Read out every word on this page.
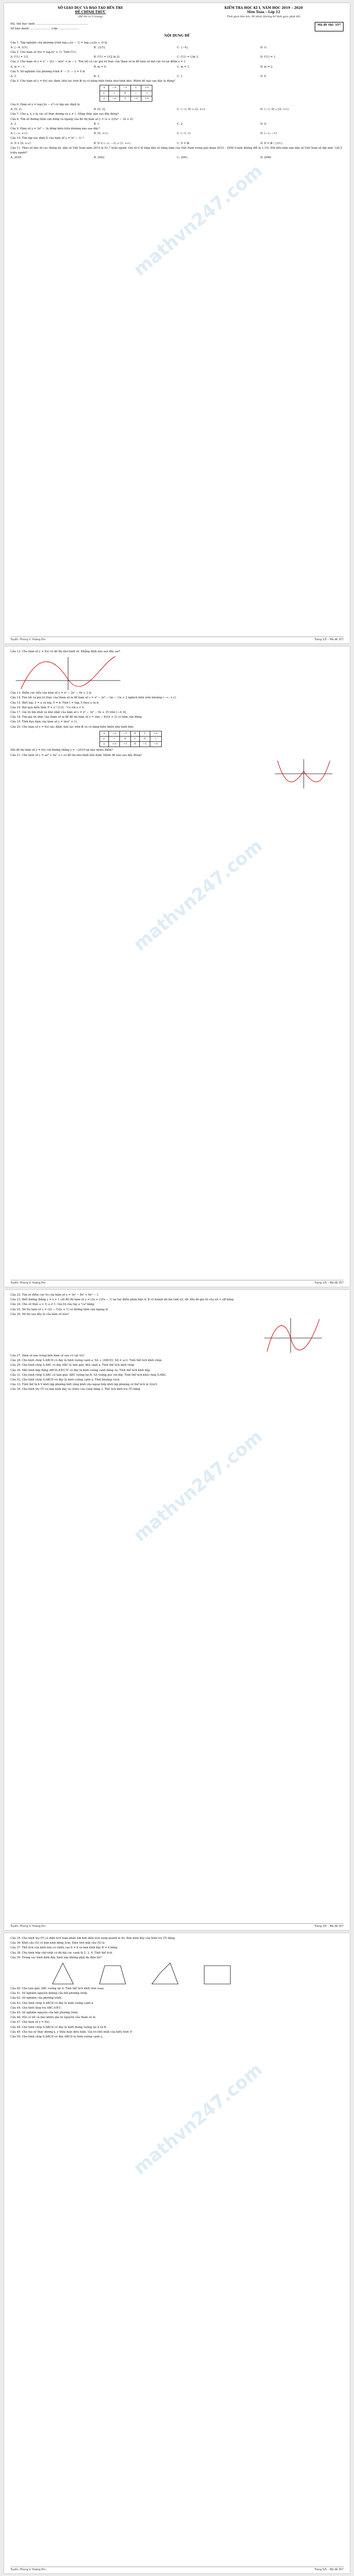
mathvn247.com
SỞ GIÁO DỤC VÀ ĐÀO TẠO BẾN TRE
ĐỀ CHÍNH THỨC
(Đề thi có 5 trang)
KIỂM TRA HỌC KÌ I, NĂM HỌC 2019 – 2020
Môn Toán – Lớp 12
Thời gian làm bài: 90 phút (không kể thời gian phát đề)
Họ, tên học sinh: ………………………………………………
Số báo danh: ………………… Lớp: …………………
Mã đề thi: 357
NỘI DUNG ĐỀ

Câu 1. Tập nghiệm của phương trình log₂₀₂₀(x − 1) = log₂₀₂₀(2x + 3) là

A. {−4; 2/3}.	B. {2/3}.	C. {−4}.	D. ∅.

Câu 2. Cho hàm số f(x) = log₂(x² + 1). Tính f′(1).

A. f′(1) = 1/2.	B. f′(1) = 1/(2 ln 2).	C. f′(1) = 1/ln 2.	D. f′(1) = 1.

Câu 3. Cho hàm số y = x³ − 2(3 − m)x² + m − 1. Tìm tất cả các giá trị thực của tham số m để hàm số đạt cực trị tại điểm x = 1.

A. m = −1.	B. m = 0.	C. m = 1.	D. m = 2.

Câu 4. Số nghiệm của phương trình 4ˣ − 2ˣ − 2 = 0 là

A. 3.	B. 2.	C. 1.	D. 0.

Câu 5. Cho hàm số y = f(x) xác định, liên tục trên ℝ và có bảng biến thiên như hình bên. Mệnh đề nào sau đây là đúng?

x	−∞	−1	1	+∞
y′	+	0	−	+
y	−∞	2	−2	+∞

Câu 6. Hàm số y = log₂(2x − x²) có tập xác định là

A. (0; 2).	B. [0; 2].	C. (−∞; 0) ∪ (2; +∞).	D. (−∞; 0] ∪ [2; +∞).

Câu 7. Cho a, x, y là các số thực dương và a ≠ 1. Đẳng thức nào sau đây đúng?

Câu 8. Tìm số đường tiệm cận đứng và ngang của đồ thị hàm số y = (x + 2)/(x² − 3x + 2).

A. 3.	B. 1.	C. 2.	D. 4.

Câu 9. Hàm số y = 2x³ − 3x đồng biến trên khoảng nào sau đây?

A. (−∞; +∞).	B. (0; +∞).	C. (−1; 1).	D. (−∞; −1).

Câu 10. Tìm tập xác định D của hàm số y = (x² − 1)⁻³.

A. D = (0; +∞).	B. D = (−∞; −1) ∪ (1; +∞).	C. D = ℝ.	D. D = ℝ \ {±1}.

Câu 11. Theo số liệu từ cục thống kê, dân số Việt Nam năm 2015 là 91,7 triệu người. Giả sử tỉ lệ tăng dân số hằng năm của Việt Nam trong giai đoạn 2015 – 2050 ở mức không đổi là 1,1%. Hỏi đến năm nào dân số Việt Nam sẽ đạt mức 120,5 triệu người?

A. 2039.	B. 2042.	C. 2041.	D. 2040.
Tuyển: Phùng V. Hoàng Em	Trang 1/5 – Mã đề 357
mathvn247.com

Câu 12. Cho hàm số y = f(x) có đồ thị như hình vẽ. Khẳng định nào sau đây sai?

Câu 13. Điểm cực tiểu của hàm số y = x³ − 3x² − 9x + 2 là

Câu 14. Tìm tất cả giá trị thực của tham số m để hàm số y = x³ − 2x² − (m − 1)x + 2 nghịch biến trên khoảng (−∞; +∞).

Câu 15. Biết log₂ 3 = a và log₃ 5 = b. Tính I = log₆ 5 theo a và b.

Câu 16. Rút gọn biểu thức P = x^(1/3) · ⁶√x với x > 0.

Câu 17. Giá trị lớn nhất và nhỏ nhất của hàm số y = x³ − 3x² − 9x + 35 trên [−4; 4].

Câu 18. Tìm giá trị thực của tham số m để đồ thị hàm số y = (mx − 8)/(x + 2) có tiệm cận đứng.

Câu 19. Tính đạo hàm của hàm số y = ln(x² + 1).

Câu 20. Cho hàm số y = f(x) xác định, liên tục trên ℝ và có bảng biến thiên như hình bên.

x	−∞	−1	0	1	+∞
y′	−	0	+	0	−
y	+∞	−1	0	−1	−∞

Hỏi đồ thị hàm số y = f(x) cắt đường thẳng y = −2019 tại bao nhiêu điểm?

Câu 21. Cho hàm số y = ax⁴ + bx² + c có đồ thị như hình bên dưới. Mệnh đề nào sau đây đúng?

Tuyển: Phùng V. Hoàng Em	Trang 2/5 – Mã đề 357
mathvn247.com

Câu 22. Tìm số điểm cực trị của hàm số y = 3x⁴ − 8x³ + 6x² − 1.

Câu 23. Biết đường thẳng y = x + 1 cắt đồ thị hàm số y = (2x + 1)/(x − 1) tại hai điểm phân biệt A, B có hoành độ lần lượt xA, xB. Khi đó giá trị của xA + xB bằng

Câu 24. Cho số thực a > 0, a ≠ 1. Giá trị của log_a ³√a² bằng

Câu 25. Đồ thị hàm số y = (2x − 1)/(x + 1) có đường tiệm cận ngang là

Câu 26. Đồ thị sau đây là của hàm số nào?

Câu 27. Hàm số nào trong bốn hàm số sau có cực trị?

Câu 28. Cho khối chóp S.ABCD có đáy là hình vuông cạnh a, SA ⊥ (ABCD), SA = a√2. Tính thể tích khối chóp.

Câu 29. Cho hình chóp S.ABC có đáy ABC là tam giác đều cạnh a. Tính thể tích khối chóp.

Câu 30. Một hình hộp đứng ABCD.A′B′C′D′ có đáy là hình vuông cạnh bằng 3a. Tính thể tích khối hộp.

Câu 31. Cho hình chóp S.ABC có tam giác ABC vuông tại B, SA vuông góc với đáy. Tính thể tích khối chóp S.ABC.

Câu 32. Cho hình chóp S.ABCD có đáy là hình vuông cạnh a. Tính khoảng cách.

Câu 33. Tính thể tích V khối lập phương biết rằng khối cầu ngoại tiếp khối lập phương có thể tích là 32π/3.

Câu 34. Cho hình trụ (T) có bán kính đáy và chiều cao cùng bằng 2. Thể tích khối trụ (T) bằng

Tuyển: Phùng V. Hoàng Em	Trang 3/5 – Mã đề 357
mathvn247.com

Câu 35. Cho hình trụ (T) có diện tích toàn phần lớn hơn diện tích xung quanh là 4π. Bán kính đáy của hình trụ (T) bằng

Câu 36. Khối cầu (S) có bán kính bằng 3cm. Diện tích mặt cầu (S) là

Câu 37. Thể tích của khối nón có chiều cao h = 6 và bán kính đáy R = 4 bằng

Câu 38. Cho hình hộp chữ nhật có độ dài các cạnh là 2, 3, 4. Tính thể tích.

Câu 39. Trong các hình dưới đây, hình nào không phải đa diện lồi?

Câu 40. Cho tam giác ABC vuông tại A. Tính thể tích khối tròn xoay.

Câu 41. Số nghiệm nguyên dương của bất phương trình.

Câu 42. Số nghiệm của phương trình.

Câu 43. Cho hình chóp S.ABCD có đáy là hình vuông cạnh a.

Câu 44. Cho khối lăng trụ ABC.A′B′C′.

Câu 45. Số nghiệm nguyên của bất phương trình.

Câu 46. Hỏi có tất cả bao nhiêu giá trị nguyên của tham số m.

Câu 47. Cho hàm số y = f(x).

Câu 48. Cho hình chóp S.ABCD có đáy là hình thang vuông tại A và B.

Câu 49. Cho hai số thực dương x, y thỏa mãn điều kiện. Giá trị nhỏ nhất của biểu thức P.

Câu 50. Cho hình chóp S.ABCD có đáy ABCD là hình vuông cạnh a.

Tuyển: Phùng V. Hoàng Em	Trang 5/5 – Mã đề 357
